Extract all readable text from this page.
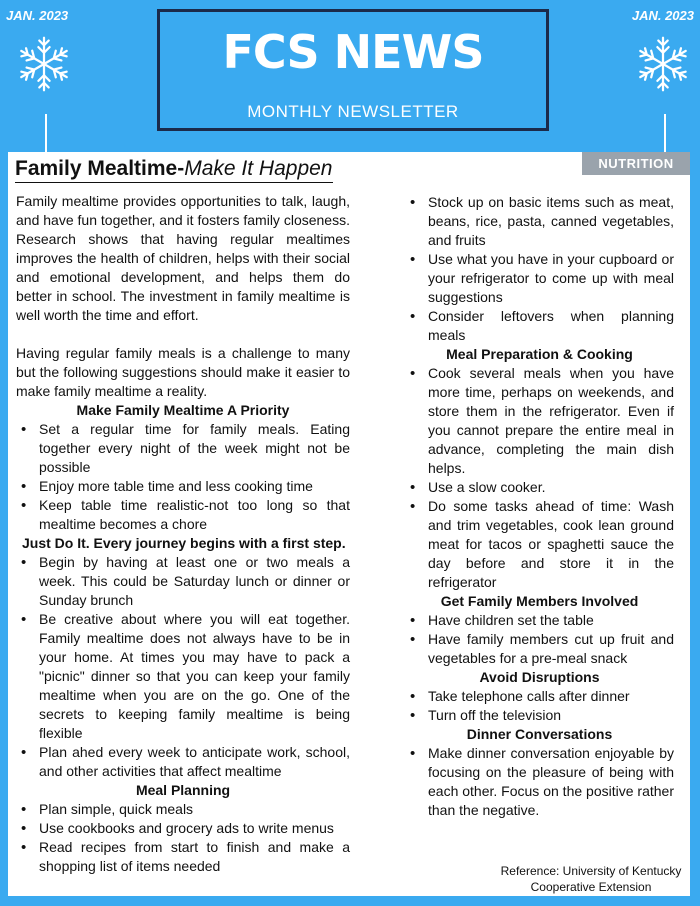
JAN. 2023	JAN. 2023
FCS NEWS
MONTHLY NEWSLETTER
NUTRITION
Family Mealtime-Make It Happen

Family mealtime provides opportunities to talk, laugh, and have fun together, and it fosters family closeness. Research shows that having regular mealtimes improves the health of children, helps with their social and emotional development, and helps them do better in school. The investment in family mealtime is well worth the time and effort.

Having regular family meals is a challenge to many but the following suggestions should make it easier to make family mealtime a reality.

Make Family Mealtime A Priority
• Set a regular time for family meals. Eating together every night of the week might not be possible
• Enjoy more table time and less cooking time
• Keep table time realistic-not too long so that mealtime becomes a chore
Just Do It. Every journey begins with a first step.
• Begin by having at least one or two meals a week. This could be Saturday lunch or dinner or Sunday brunch
• Be creative about where you will eat together. Family mealtime does not always have to be in your home. At times you may have to pack a "picnic" dinner so that you can keep your family mealtime when you are on the go. One of the secrets to keeping family mealtime is being flexible
• Plan ahed every week to anticipate work, school, and other activities that affect mealtime
Meal Planning
• Plan simple, quick meals
• Use cookbooks and grocery ads to write menus
• Read recipes from start to finish and make a shopping list of items needed
• Stock up on basic items such as meat, beans, rice, pasta, canned vegetables, and fruits
• Use what you have in your cupboard or your refrigerator to come up with meal suggestions
• Consider leftovers when planning meals
Meal Preparation & Cooking
• Cook several meals when you have more time, perhaps on weekends, and store them in the refrigerator. Even if you cannot prepare the entire meal in advance, completing the main dish helps.
• Use a slow cooker.
• Do some tasks ahead of time: Wash and trim vegetables, cook lean ground meat for tacos or spaghetti sauce the day before and store it in the refrigerator
Get Family Members Involved
• Have children set the table
• Have family members cut up fruit and vegetables for a pre-meal snack
Avoid Disruptions
• Take telephone calls after dinner
• Turn off the television
Dinner Conversations
• Make dinner conversation enjoyable by focusing on the pleasure of being with each other. Focus on the positive rather than the negative.
Reference: University of Kentucky
Cooperative Extension
